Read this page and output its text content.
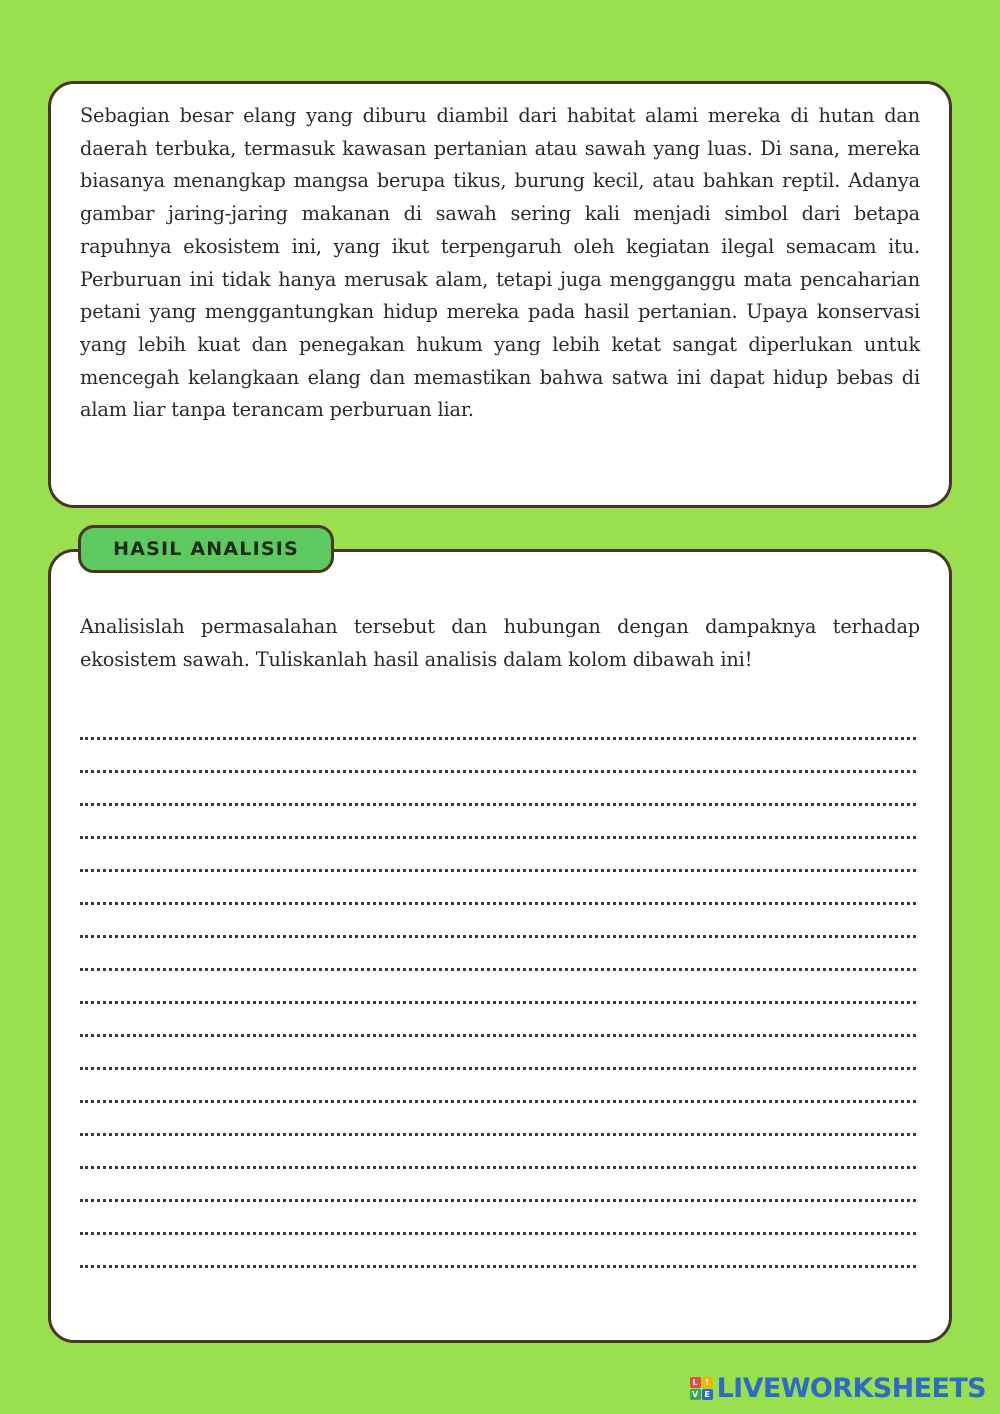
Sebagian besar elang yang diburu diambil dari habitat alami mereka di hutan dan daerah terbuka, termasuk kawasan pertanian atau sawah yang luas. Di sana, mereka biasanya menangkap mangsa berupa tikus, burung kecil, atau bahkan reptil. Adanya gambar jaring-jaring makanan di sawah sering kali menjadi simbol dari betapa rapuhnya ekosistem ini, yang ikut terpengaruh oleh kegiatan ilegal semacam itu. Perburuan ini tidak hanya merusak alam, tetapi juga mengganggu mata pencaharian petani yang menggantungkan hidup mereka pada hasil pertanian. Upaya konservasi yang lebih kuat dan penegakan hukum yang lebih ketat sangat diperlukan untuk mencegah kelangkaan elang dan memastikan bahwa satwa ini dapat hidup bebas di alam liar tanpa terancam perburuan liar.

HASIL ANALISIS

Analisislah permasalahan tersebut dan hubungan dengan dampaknya terhadap ekosistem sawah. Tuliskanlah hasil analisis dalam kolom dibawah ini!

L I
V E LIVEWORKSHEETS
